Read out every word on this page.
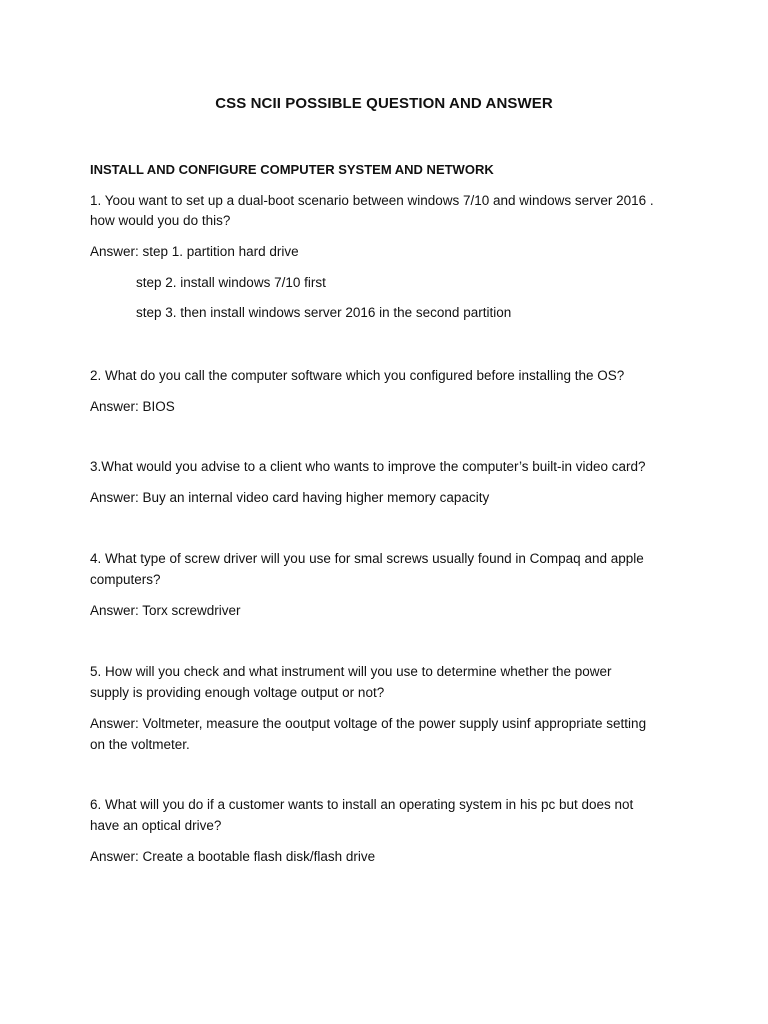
CSS NCII POSSIBLE QUESTION AND ANSWER
INSTALL AND CONFIGURE COMPUTER SYSTEM AND NETWORK
1. Yoou want to set up a dual-boot scenario between windows 7/10 and windows server 2016 .
how would you do this?
Answer: step 1. partition hard drive
step 2. install windows 7/10 first
step 3. then install windows server 2016 in the second partition
2. What do you call the computer software which you configured before installing the OS?
Answer: BIOS
3.What would you advise to a client who wants to improve the computer’s built-in video card?
Answer: Buy an internal video card having higher memory capacity
4. What type of screw driver will you use for smal screws usually found in Compaq and apple
computers?
Answer: Torx screwdriver
5. How will you check and what instrument will you use to determine whether the power
supply is providing enough voltage output or not?
Answer: Voltmeter, measure the ooutput voltage of the power supply usinf appropriate setting
on the voltmeter.
6. What will you do if a customer wants to install an operating system in his pc but does not
have an optical drive?
Answer: Create a bootable flash disk/flash drive
